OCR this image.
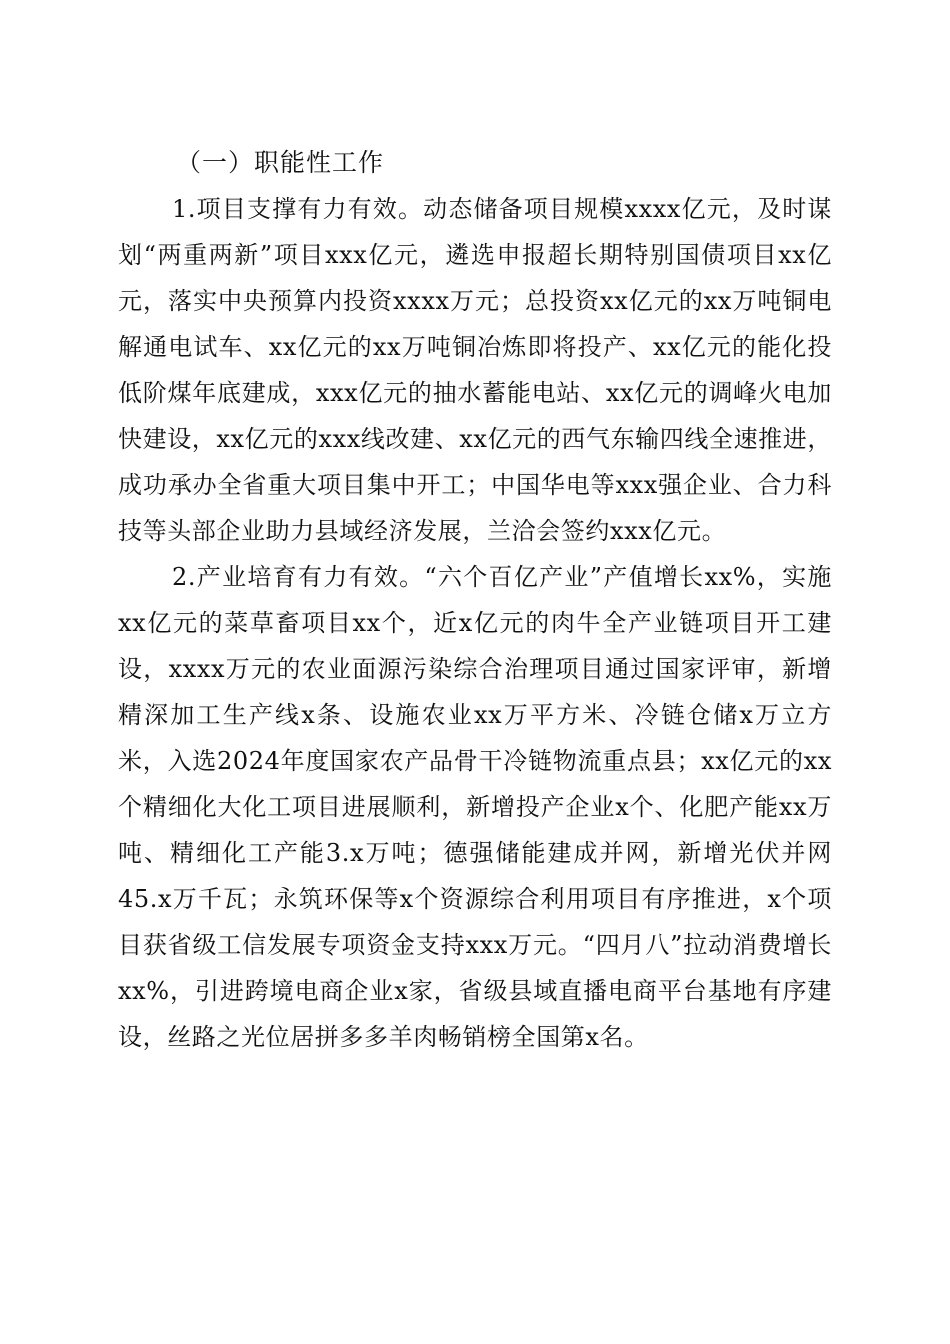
（一）职能性工作

1.项目支撑有力有效。动态储备项目规模xxxx亿元，及时谋划“两重两新”项目xxx亿元，遴选申报超长期特别国债项目xx亿元，落实中央预算内投资xxxx万元；总投资xx亿元的xx万吨铜电解通电试车、xx亿元的xx万吨铜冶炼即将投产、xx亿元的能化投低阶煤年底建成，xxx亿元的抽水蓄能电站、xx亿元的调峰火电加快建设，xx亿元的xxx线改建、xx亿元的西气东输四线全速推进，成功承办全省重大项目集中开工；中国华电等xxx强企业、合力科技等头部企业助力县域经济发展，兰洽会签约xxx亿元。

2.产业培育有力有效。“六个百亿产业”产值增长xx%，实施xx亿元的菜草畜项目xx个，近x亿元的肉牛全产业链项目开工建设，xxxx万元的农业面源污染综合治理项目通过国家评审，新增精深加工生产线x条、设施农业xx万平方米、冷链仓储x万立方米，入选2024年度国家农产品骨干冷链物流重点县；xx亿元的xx个精细化大化工项目进展顺利，新增投产企业x个、化肥产能xx万吨、精细化工产能3.x万吨；德强储能建成并网，新增光伏并网45.x万千瓦；永筑环保等x个资源综合利用项目有序推进，x个项目获省级工信发展专项资金支持xxx万元。“四月八”拉动消费增长xx%，引进跨境电商企业x家，省级县域直播电商平台基地有序建设，丝路之光位居拼多多羊肉畅销榜全国第x名。
